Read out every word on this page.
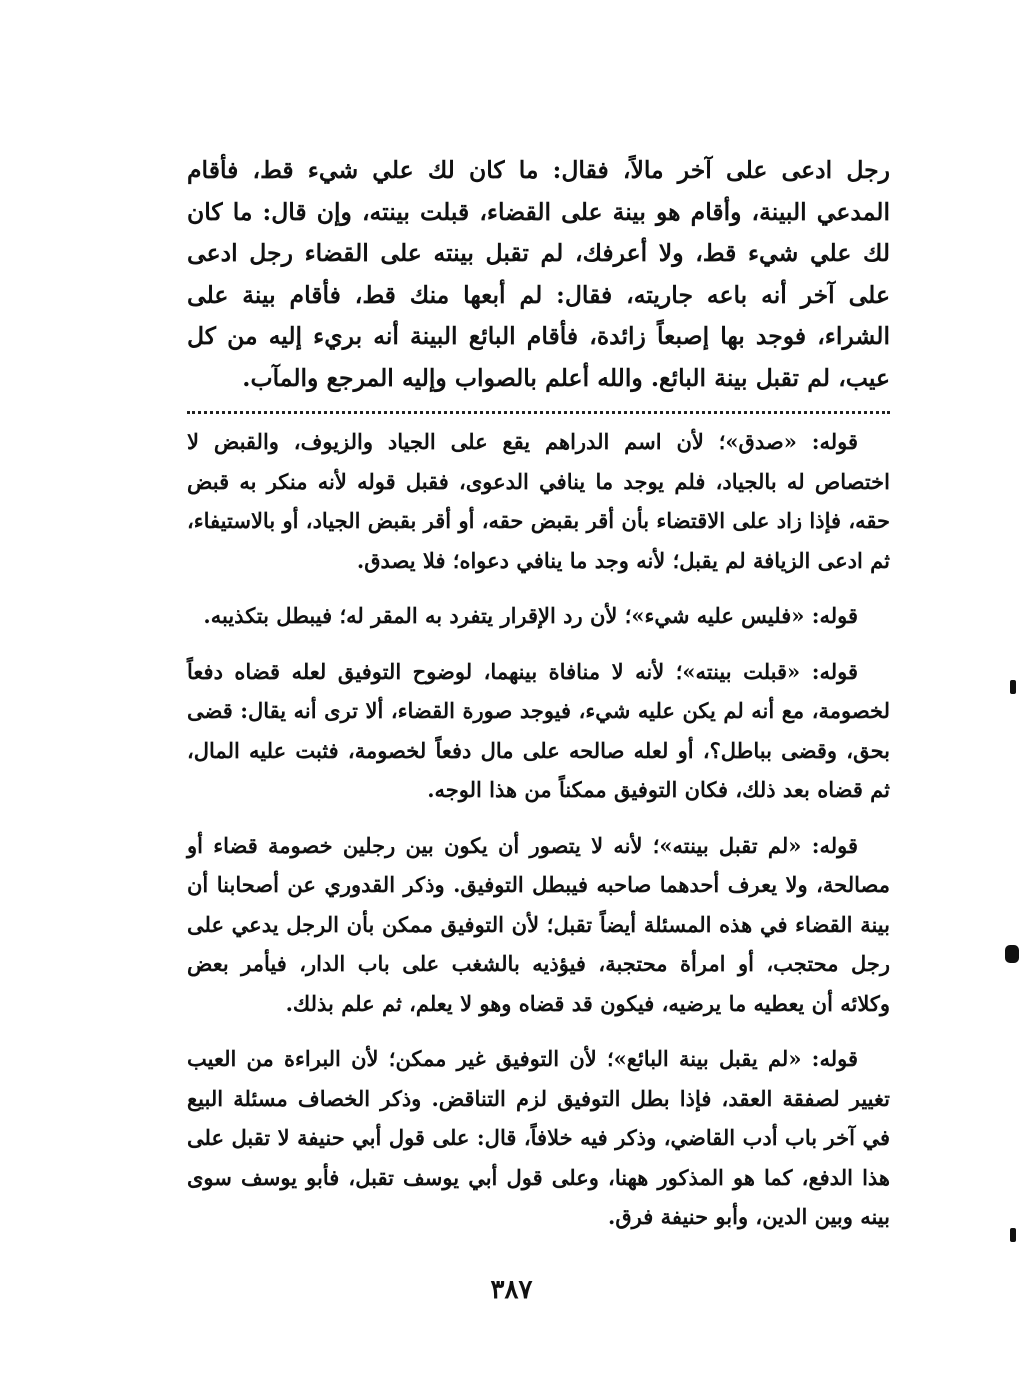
رجل ادعى على آخر مالاً، فقال: ما كان لك علي شيء قط، فأقام المدعي البينة، وأقام هو بينة على القضاء، قبلت بينته، وإن قال: ما كان لك علي شيء قط، ولا أعرفك، لم تقبل بينته على القضاء رجل ادعى على آخر أنه باعه جاريته، فقال: لم أبعها منك قط، فأقام بينة على الشراء، فوجد بها إصبعاً زائدة، فأقام البائع البينة أنه بريء إليه من كل عيب، لم تقبل بينة البائع. والله أعلم بالصواب وإليه المرجع والمآب.

قوله: «صدق»؛ لأن اسم الدراهم يقع على الجياد والزيوف، والقبض لا اختصاص له بالجياد، فلم يوجد ما ينافي الدعوى، فقبل قوله لأنه منكر به قبض حقه، فإذا زاد على الاقتضاء بأن أقر بقبض حقه، أو أقر بقبض الجياد، أو بالاستيفاء، ثم ادعى الزيافة لم يقبل؛ لأنه وجد ما ينافي دعواه؛ فلا يصدق.

قوله: «فليس عليه شيء»؛ لأن رد الإقرار يتفرد به المقر له؛ فيبطل بتكذيبه.

قوله: «قبلت بينته»؛ لأنه لا منافاة بينهما، لوضوح التوفيق لعله قضاه دفعاً لخصومة، مع أنه لم يكن عليه شيء، فيوجد صورة القضاء، ألا ترى أنه يقال: قضى بحق، وقضى بباطل؟، أو لعله صالحه على مال دفعاً لخصومة، فثبت عليه المال، ثم قضاه بعد ذلك، فكان التوفيق ممكناً من هذا الوجه.

قوله: «لم تقبل بينته»؛ لأنه لا يتصور أن يكون بين رجلين خصومة قضاء أو مصالحة، ولا يعرف أحدهما صاحبه فيبطل التوفيق. وذكر القدوري عن أصحابنا أن بينة القضاء في هذه المسئلة أيضاً تقبل؛ لأن التوفيق ممكن بأن الرجل يدعي على رجل محتجب، أو امرأة محتجبة، فيؤذيه بالشغب على باب الدار، فيأمر بعض وكلائه أن يعطيه ما يرضيه، فيكون قد قضاه وهو لا يعلم، ثم علم بذلك.

قوله: «لم يقبل بينة البائع»؛ لأن التوفيق غير ممكن؛ لأن البراءة من العيب تغيير لصفقة العقد، فإذا بطل التوفيق لزم التناقض. وذكر الخصاف مسئلة البيع في آخر باب أدب القاضي، وذكر فيه خلافاً، قال: على قول أبي حنيفة لا تقبل على هذا الدفع، كما هو المذكور ههنا، وعلى قول أبي يوسف تقبل، فأبو يوسف سوى بينه وبين الدين، وأبو حنيفة فرق.

٣٨٧
